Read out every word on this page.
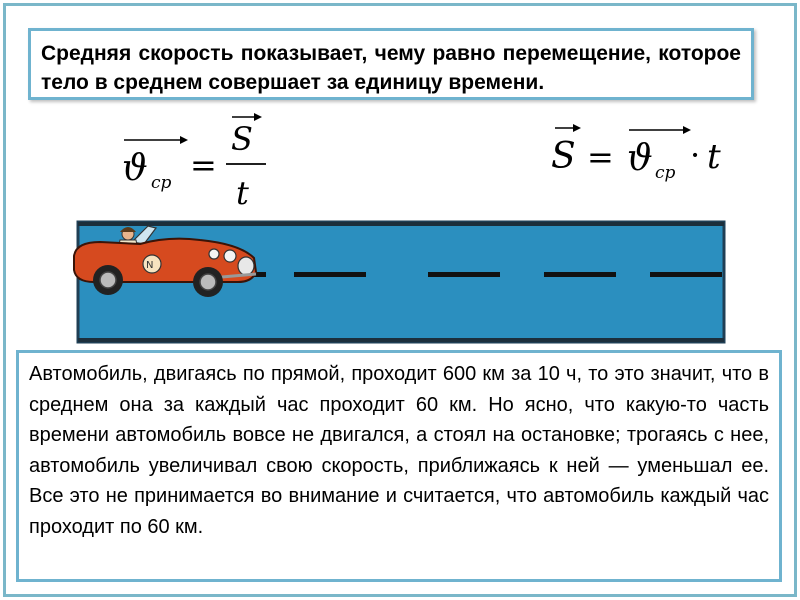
Средняя скорость показывает, чему равно перемещение, которое тело в среднем совершает за единицу времени.
ϑ ср =
S
t
S = ϑ ср · t
N
Автомобиль, двигаясь по прямой, проходит 600 км за 10 ч, то это значит, что в среднем она за каждый час проходит 60 км. Но ясно, что какую-то часть времени автомобиль вовсе не двигался, а стоял на остановке; трогаясь с нее, автомобиль увеличивал свою скорость, приближаясь к ней — уменьшал ее. Все это не принимается во внимание и считается, что автомобиль каждый час проходит по 60 км.
